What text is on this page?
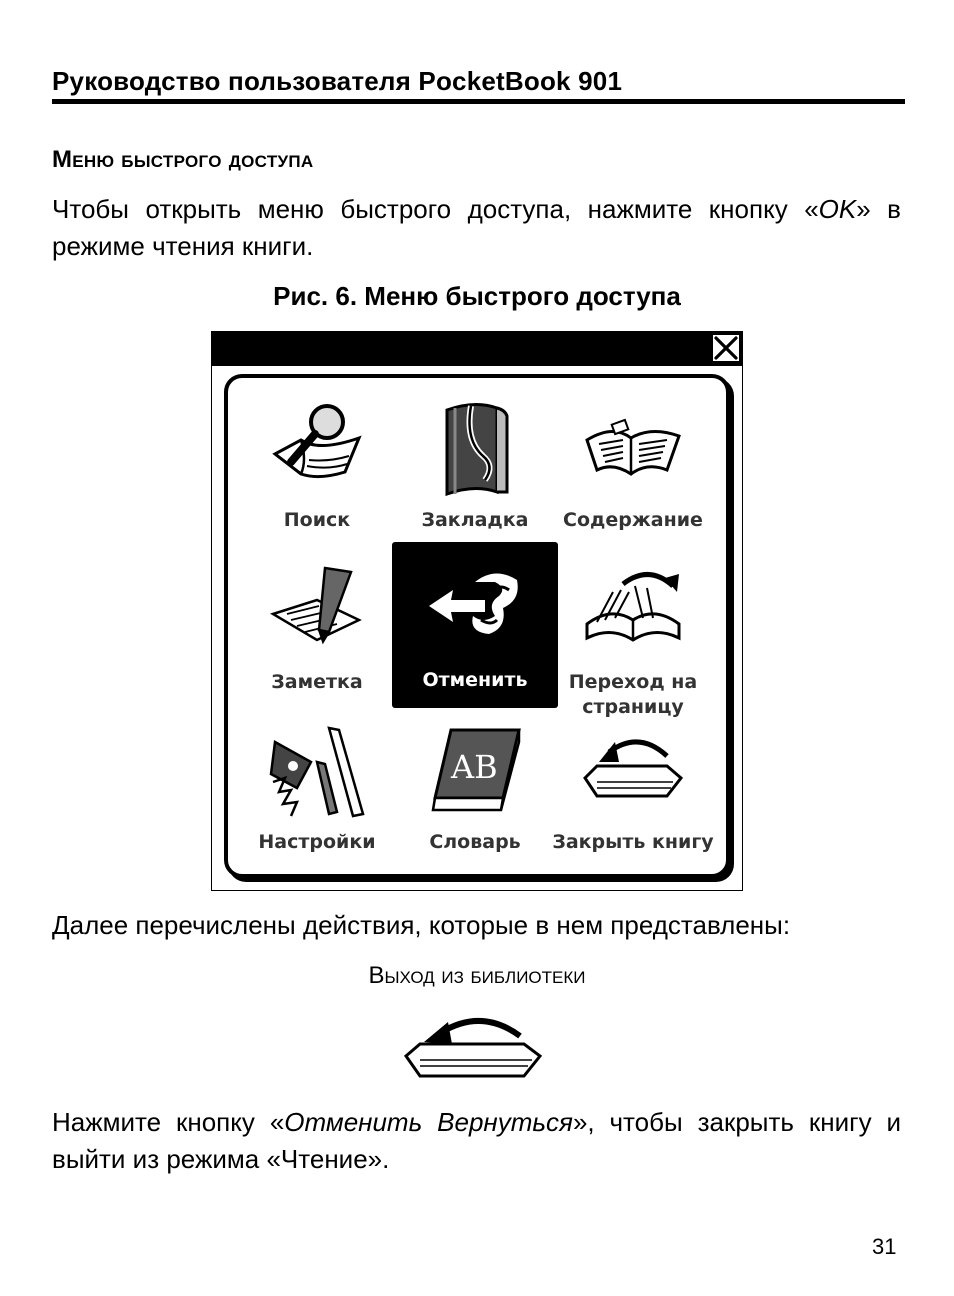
Руководство пользователя PocketBook 901
Меню быстрого доступа
Чтобы открыть меню быстрого доступа, нажмите кнопку «OK» в режиме чтения книги.
Рис. 6. Меню быстрого доступа
Поиск	Закладка	Содержание
Заметка	Отменить	Переход на
страницу
Настройки
AB
Словарь	Закрыть книгу
Далее перечислены действия, которые в нем представлены:
Выход из библиотеки
Нажмите кнопку «Отменить Вернуться», чтобы закрыть книгу и выйти из режима «Чтение».
31
